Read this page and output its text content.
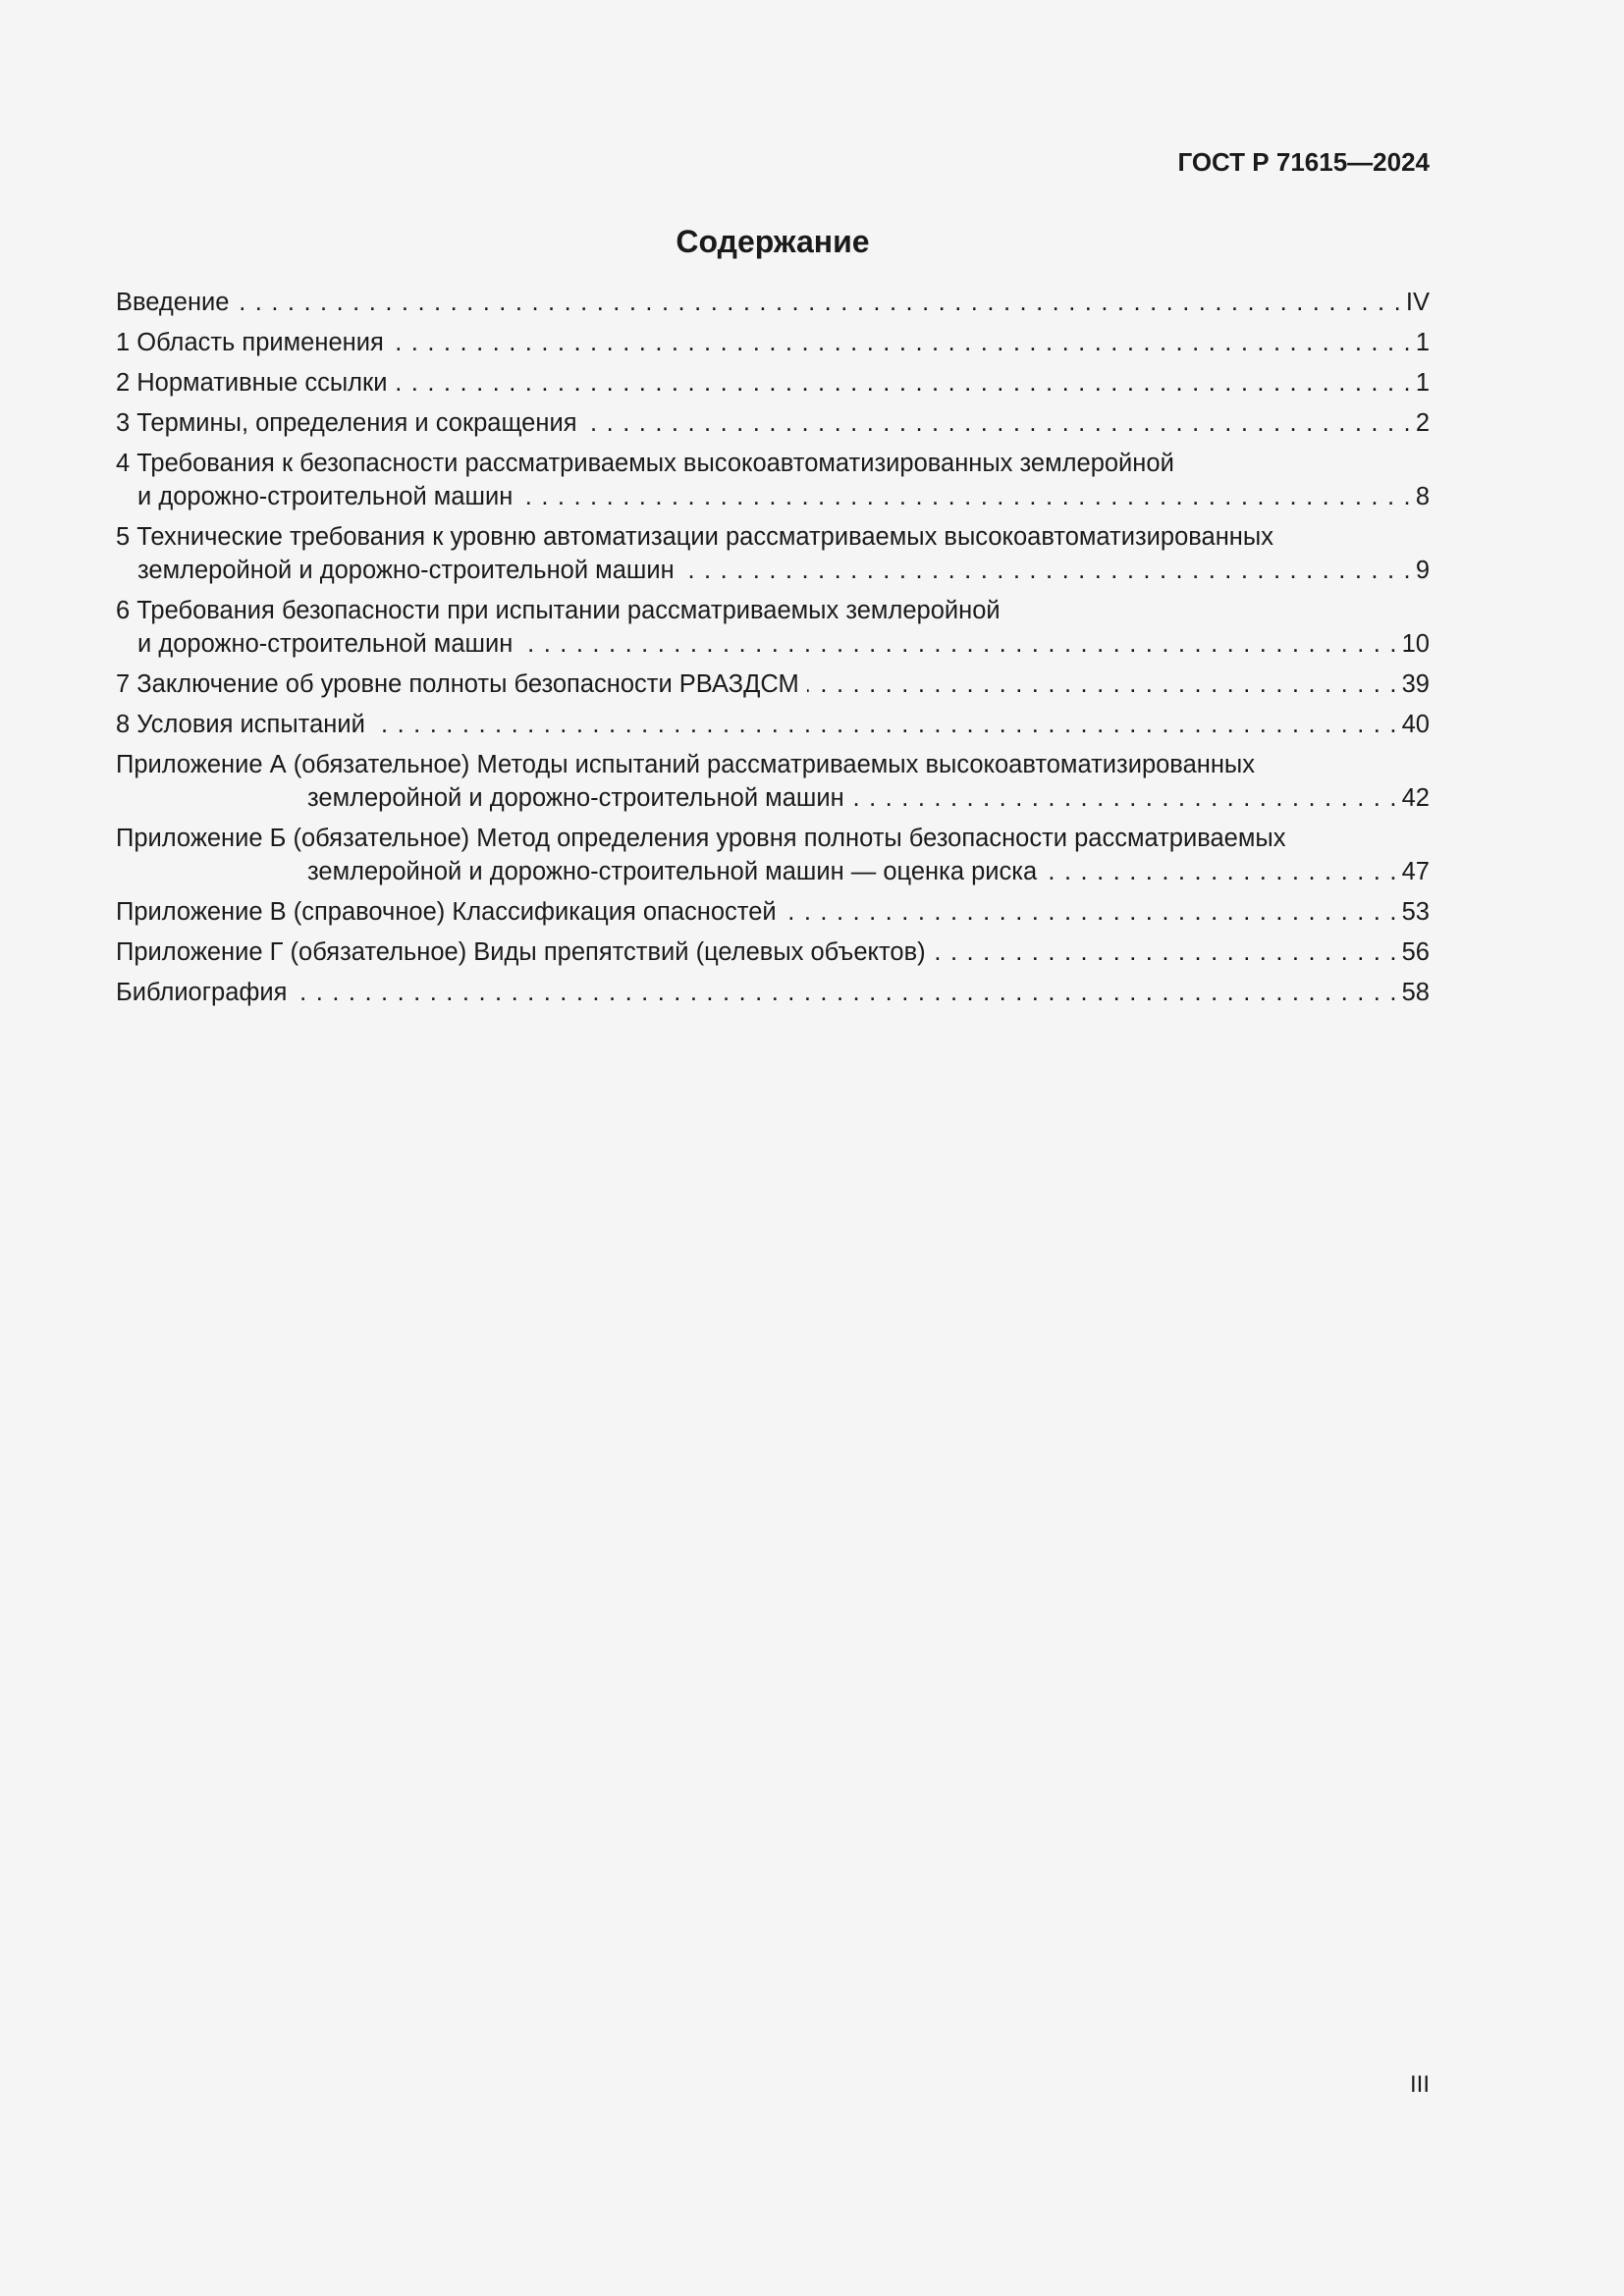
ГОСТ Р 71615—2024
Содержание
Введение . . .	IV
1 Область применения . . .	1
2 Нормативные ссылки . . .	1
3 Термины, определения и сокращения . . .	2
4 Требования к безопасности рассматриваемых высокоавтоматизированных землеройной
и дорожно-строительной машин . . .	8
5 Технические требования к уровню автоматизации рассматриваемых высокоавтоматизированных
землеройной и дорожно-строительной машин . . .	9
6 Требования безопасности при испытании рассматриваемых землеройной
и дорожно-строительной машин . . .	10
7 Заключение об уровне полноты безопасности РВАЗДСМ . . .	39
8 Условия испытаний . . .	40
Приложение А (обязательное) Методы испытаний рассматриваемых высокоавтоматизированных
землеройной и дорожно-строительной машин . . .	42
Приложение Б (обязательное) Метод определения уровня полноты безопасности рассматриваемых
землеройной и дорожно-строительной машин — оценка риска . . .	47
Приложение В (справочное) Классификация опасностей . . .	53
Приложение Г (обязательное) Виды препятствий (целевых объектов) . . .	56
Библиография . . .	58
III
